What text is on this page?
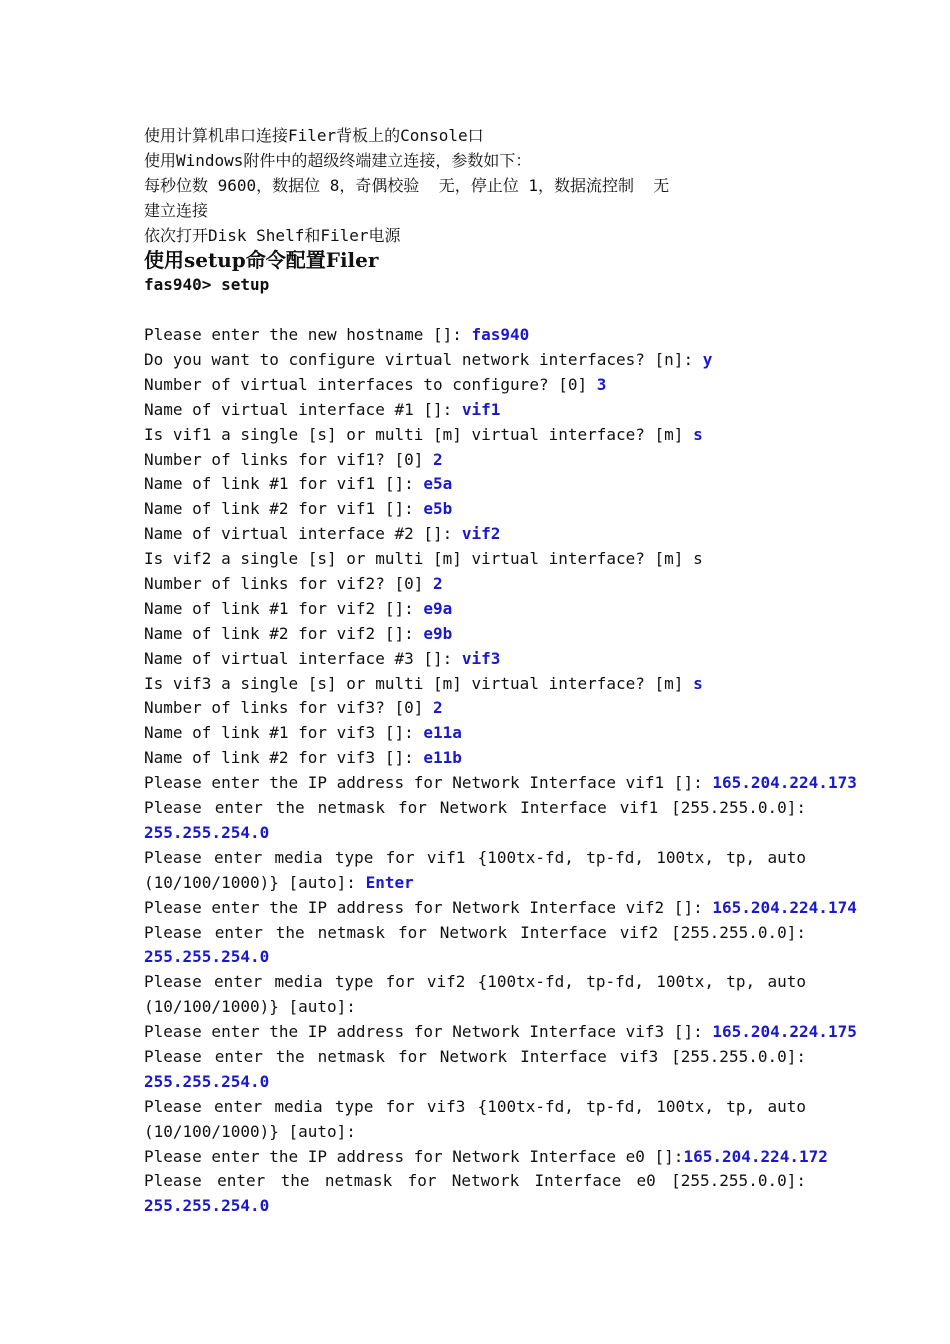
使用计算机串口连接Filer背板上的Console口
使用Windows附件中的超级终端建立连接，参数如下：
每秒位数 9600，数据位 8，奇偶校验  无，停止位 1，数据流控制  无
建立连接
依次打开Disk Shelf和Filer电源
使用setup命令配置Filer
fas940> setup
Please enter the new hostname []: fas940
Do you want to configure virtual network interfaces? [n]: y
Number of virtual interfaces to configure? [0] 3
Name of virtual interface #1 []: vif1
Is vif1 a single [s] or multi [m] virtual interface? [m] s
Number of links for vif1? [0] 2
Name of link #1 for vif1 []: e5a
Name of link #2 for vif1 []: e5b
Name of virtual interface #2 []: vif2
Is vif2 a single [s] or multi [m] virtual interface? [m] s
Number of links for vif2? [0] 2
Name of link #1 for vif2 []: e9a
Name of link #2 for vif2 []: e9b
Name of virtual interface #3 []: vif3
Is vif3 a single [s] or multi [m] virtual interface? [m] s
Number of links for vif3? [0] 2
Name of link #1 for vif3 []: e11a
Name of link #2 for vif3 []: e11b
Please enter the IP address for Network Interface vif1 []: 165.204.224.173
Please enter the netmask for Network Interface vif1 [255.255.0.0]:
255.255.254.0
Please enter media type for vif1 {100tx-fd, tp-fd, 100tx, tp, auto
(10/100/1000)} [auto]: Enter
Please enter the IP address for Network Interface vif2 []: 165.204.224.174
Please enter the netmask for Network Interface vif2 [255.255.0.0]:
255.255.254.0
Please enter media type for vif2 {100tx-fd, tp-fd, 100tx, tp, auto
(10/100/1000)} [auto]:
Please enter the IP address for Network Interface vif3 []: 165.204.224.175
Please enter the netmask for Network Interface vif3 [255.255.0.0]:
255.255.254.0
Please enter media type for vif3 {100tx-fd, tp-fd, 100tx, tp, auto
(10/100/1000)} [auto]:
Please enter the IP address for Network Interface e0 []:165.204.224.172
Please enter the netmask for Network Interface e0 [255.255.0.0]:
255.255.254.0
